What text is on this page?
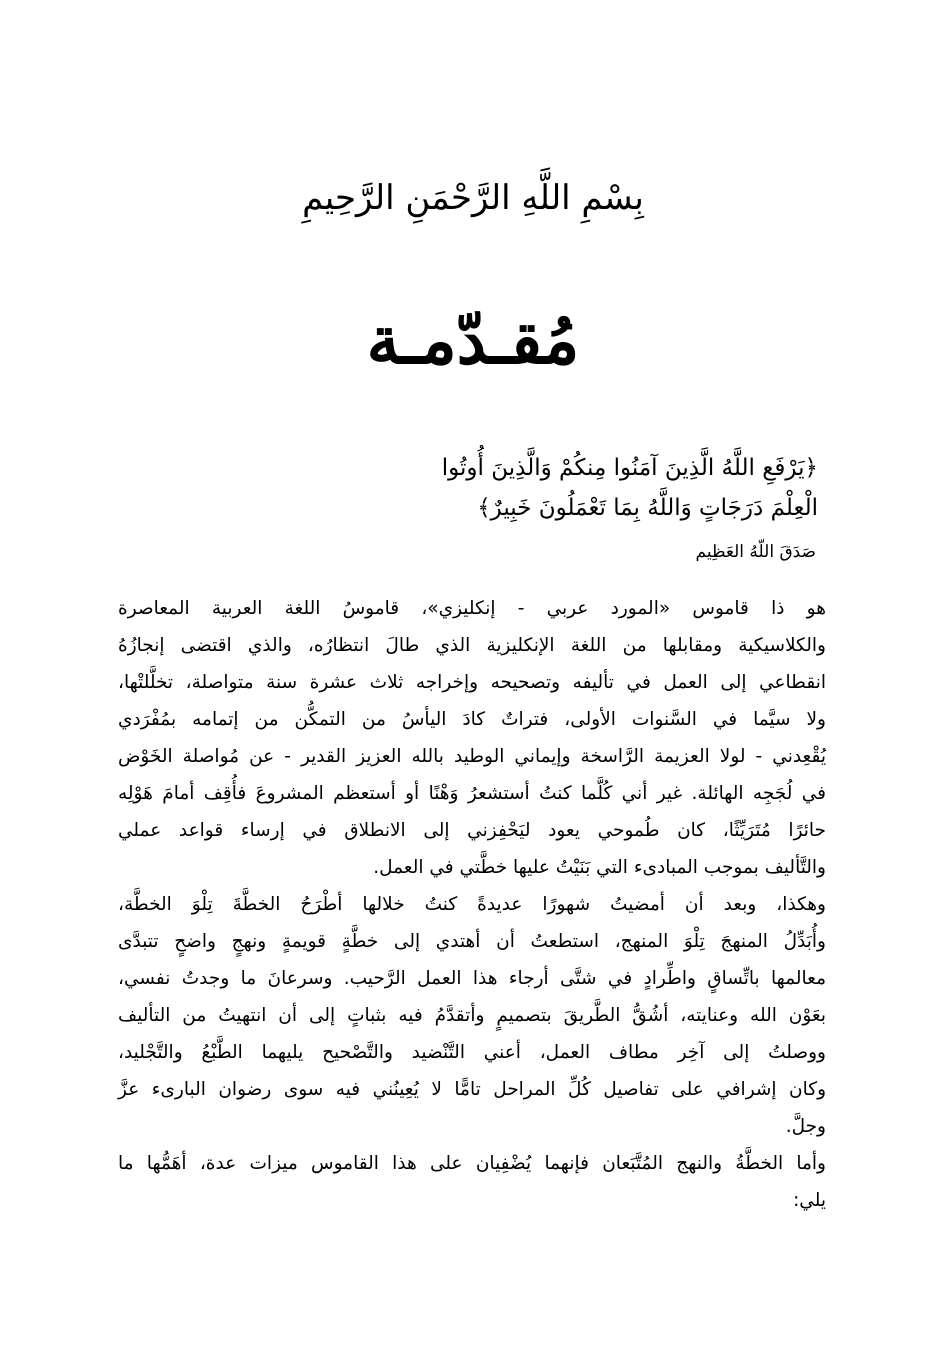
بِسْمِ اللَّهِ الرَّحْمَنِ الرَّحِيمِ
مُقـدّمـة
﴿يَرْفَعِ اللَّهُ الَّذِينَ آمَنُوا مِنكُمْ وَالَّذِينَ أُوتُوا
الْعِلْمَ دَرَجَاتٍ وَاللَّهُ بِمَا تَعْمَلُونَ خَبِيرٌ﴾
صَدَقَ اللّهُ العَظِيم
هو ذا قاموس «المورد عربي - إنكليزي»، قاموسُ اللغة العربية المعاصرة
والكلاسيكية ومقابلها من اللغة الإنكليزية الذي طالَ انتظارُه، والذي اقتضى إنجازُهُ
انقطاعي إلى العمل في تأليفه وتصحيحه وإخراجه ثلاث عشرة سنة متواصلة، تخلَّلتْها،
ولا سيَّما في السَّنوات الأولى، فتراتٌ كادَ اليأسُ من التمكُّن من إتمامه بمُفْرَدي
يُقْعِدني - لولا العزيمة الرَّاسخة وإيماني الوطيد بالله العزيز القدير - عن مُواصلة الخَوْض
في لُجَجِه الهائلة. غير أني كُلَّما كنتُ أستشعرُ وَهْنًا أو أستعظم المشروعَ فأُقِف أمامَ هَوْلِه
حائرًا مُتَرَيِّثًا، كان طُموحي يعود ليَحْفِزني إلى الانطلاق في إرساء قواعد عملي
والتَّأليف بموجب المبادىء التي بَنَيْتُ عليها خطَّتي في العمل.
وهكذا، وبعد أن أمضيتُ شهورًا عديدةً كنتُ خلالها أطْرَحُ الخطَّةَ تِلْوَ الخطَّة،
وأُبَدِّلُ المنهجَ تِلْوَ المنهج، استطعتُ أن أهتدي إلى خطَّةٍ قويمةٍ ونهجٍ واضحٍ تتبدَّى
معالمها باتِّساقٍ واطِّرادٍ في شتَّى أرجاء هذا العمل الرَّحيب. وسرعانَ ما وجدتُ نفسي،
بعَوْن الله وعنايته، أشُقُّ الطَّريقَ بتصميمٍ وأتقدَّمُ فيه بثباتٍ إلى أن انتهيتُ من التأليف
ووصلتُ إلى آخِر مطاف العمل، أعني التَّنْضيد والتَّصْحيح يليهما الطَّبْعُ والتَّجْليد،
وكان إشرافي على تفاصيل كُلِّ المراحل تامًّا لا يُعِينُني فيه سوى رضوان البارىء عزَّ
وجلَّ.
وأما الخطَّةُ والنهج المُتَّبَعان فإنهما يُضْفِيان على هذا القاموس ميزات عدة، أهَمُّها ما
يلي:
